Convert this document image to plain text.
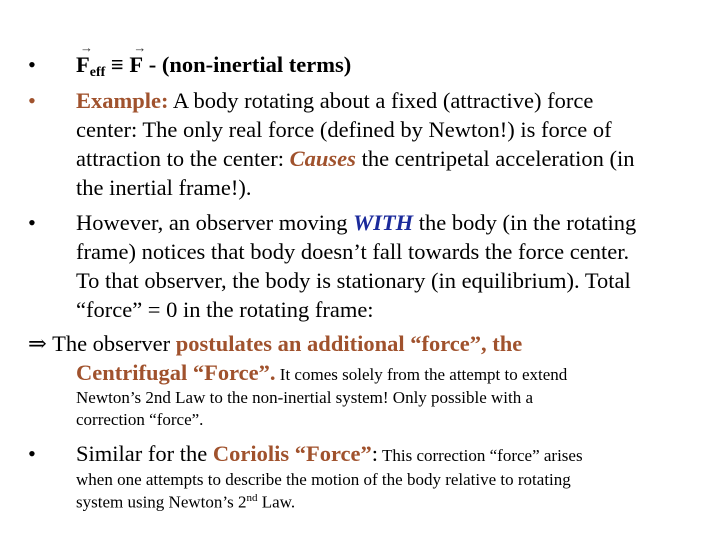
•
→
$F_{eff}$ ≡
→
F - (non-inertial terms)
• Example: A body rotating about a fixed (attractive) force
center: The only real force (defined by Newton!) is force of
attraction to the center: Causes the centripetal acceleration (in
the inertial frame!).
• However, an observer moving WITH the body (in the rotating
frame) notices that body doesn’t fall towards the force center.
To that observer, the body is stationary (in equilibrium). Total
“force” = 0 in the rotating frame:
⇒ The observer postulates an additional “force”, the
Centrifugal “Force”. It comes solely from the attempt to extend
Newton’s 2nd Law to the non-inertial system! Only possible with a
correction “force”.
• Similar for the Coriolis “Force”: This correction “force” arises
when one attempts to describe the motion of the body relative to rotating
system using Newton’s 2nd Law.
